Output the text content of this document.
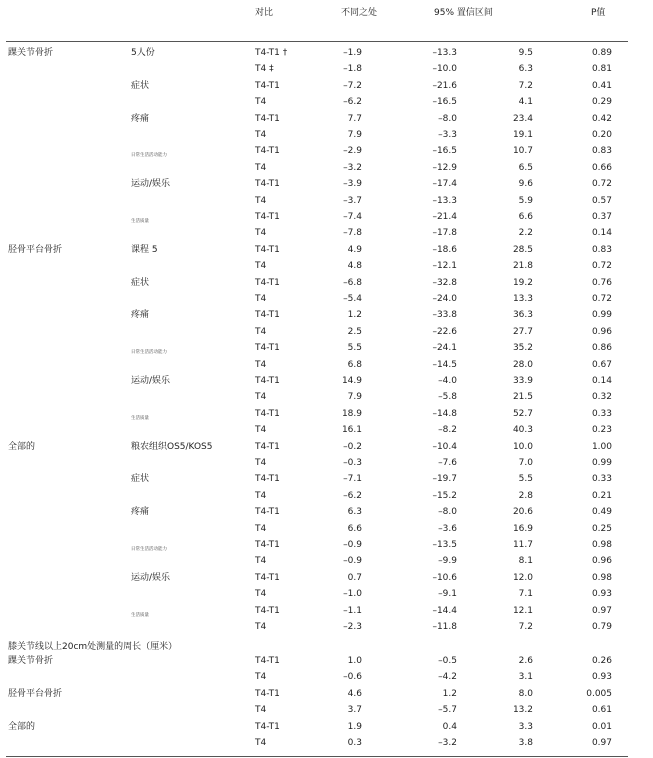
对比	不同之处	95% 置信区间	P值
膝关节线以上20cm处测量的周长（厘米）
踝关节骨折	5人份	T4-T1 †	–1.9	–13.3	9.5	0.89
T4 ‡	–1.8	–10.0	6.3	0.81
症状	T4-T1	–7.2	–21.6	7.2	0.41
T4	–6.2	–16.5	4.1	0.29
疼痛	T4-T1	7.7	–8.0	23.4	0.42
T4	7.9	–3.3	19.1	0.20
日常生活活动能力	T4-T1	–2.9	–16.5	10.7	0.83
T4	–3.2	–12.9	6.5	0.66
运动/娱乐	T4-T1	–3.9	–17.4	9.6	0.72
T4	–3.7	–13.3	5.9	0.57
生活质量	T4-T1	–7.4	–21.4	6.6	0.37
T4	–7.8	–17.8	2.2	0.14
胫骨平台骨折	课程 5	T4-T1	4.9	–18.6	28.5	0.83
T4	4.8	–12.1	21.8	0.72
症状	T4-T1	–6.8	–32.8	19.2	0.76
T4	–5.4	–24.0	13.3	0.72
疼痛	T4-T1	1.2	–33.8	36.3	0.99
T4	2.5	–22.6	27.7	0.96
日常生活活动能力	T4-T1	5.5	–24.1	35.2	0.86
T4	6.8	–14.5	28.0	0.67
运动/娱乐	T4-T1	14.9	–4.0	33.9	0.14
T4	7.9	–5.8	21.5	0.32
生活质量	T4-T1	18.9	–14.8	52.7	0.33
T4	16.1	–8.2	40.3	0.23
全部的	粮农组织OS5/KOS5	T4-T1	–0.2	–10.4	10.0	1.00
T4	–0.3	–7.6	7.0	0.99
症状	T4-T1	–7.1	–19.7	5.5	0.33
T4	–6.2	–15.2	2.8	0.21
疼痛	T4-T1	6.3	–8.0	20.6	0.49
T4	6.6	–3.6	16.9	0.25
日常生活活动能力	T4-T1	–0.9	–13.5	11.7	0.98
T4	–0.9	–9.9	8.1	0.96
运动/娱乐	T4-T1	0.7	–10.6	12.0	0.98
T4	–1.0	–9.1	7.1	0.93
生活质量	T4-T1	–1.1	–14.4	12.1	0.97
T4	–2.3	–11.8	7.2	0.79
踝关节骨折	T4-T1	1.0	–0.5	2.6	0.26
T4	–0.6	–4.2	3.1	0.93
胫骨平台骨折	T4-T1	4.6	1.2	8.0	0.005
T4	3.7	–5.7	13.2	0.61
全部的	T4-T1	1.9	0.4	3.3	0.01
T4	0.3	–3.2	3.8	0.97
